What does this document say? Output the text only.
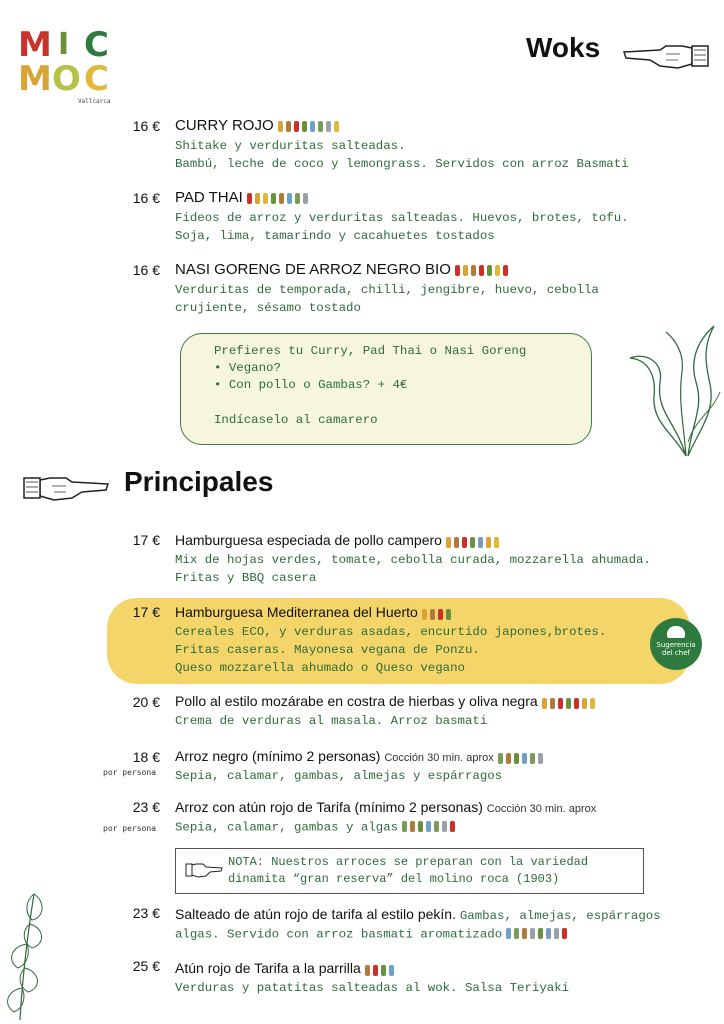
M I C
M O C
Vallcarca
Woks
16 € CURRY ROJO
Shitake y verduritas salteadas.
Bambú, leche de coco y lemongrass. Servidos con arroz Basmati
16 € PAD THAI
Fideos de arroz y verduritas salteadas. Huevos, brotes, tofu.
Soja, lima, tamarindo y cacahuetes tostados
16 € NASI GORENG DE ARROZ NEGRO BIO
Verduritas de temporada, chilli, jengibre, huevo, cebolla
crujiente, sésamo tostado
Prefieres tu Curry, Pad Thai o Nasi Goreng
• Vegano?
• Con pollo o Gambas? + 4€
Indícaselo al camarero
Principales
17 € Hamburguesa especiada de pollo campero
Mix de hojas verdes, tomate, cebolla curada, mozzarella ahumada.
Fritas y BBQ casera
17 € Hamburguesa Mediterranea del Huerto
Cereales ECO, y verduras asadas, encurtido japones,brotes.
Fritas caseras. Mayonesa vegana de Ponzu.
Queso mozzarella ahumado o Queso vegano
Sugerencia
del chef
20 € Pollo al estilo mozárabe en costra de hierbas y oliva negra
Crema de verduras al masala. Arroz basmati
18 €
por persona
Arroz negro (mínimo 2 personas) Cocción 30 min. aprox
Sepia, calamar, gambas, almejas y espárragos
23 €
por persona
Arroz con atún rojo de Tarifa (mínimo 2 personas) Cocción 30 min. aprox
Sepia, calamar, gambas y algas
NOTA: Nuestros arroces se preparan con la variedad
dinamita “gran reserva” del molino roca (1903)
23 € Salteado de atún rojo de tarifa al estilo pekín. Gambas, almejas, espárragos
algas. Servido con arroz basmati aromatizado
25 € Atún rojo de Tarifa a la parrilla
Verduras y patatitas salteadas al wok. Salsa Teriyaki
